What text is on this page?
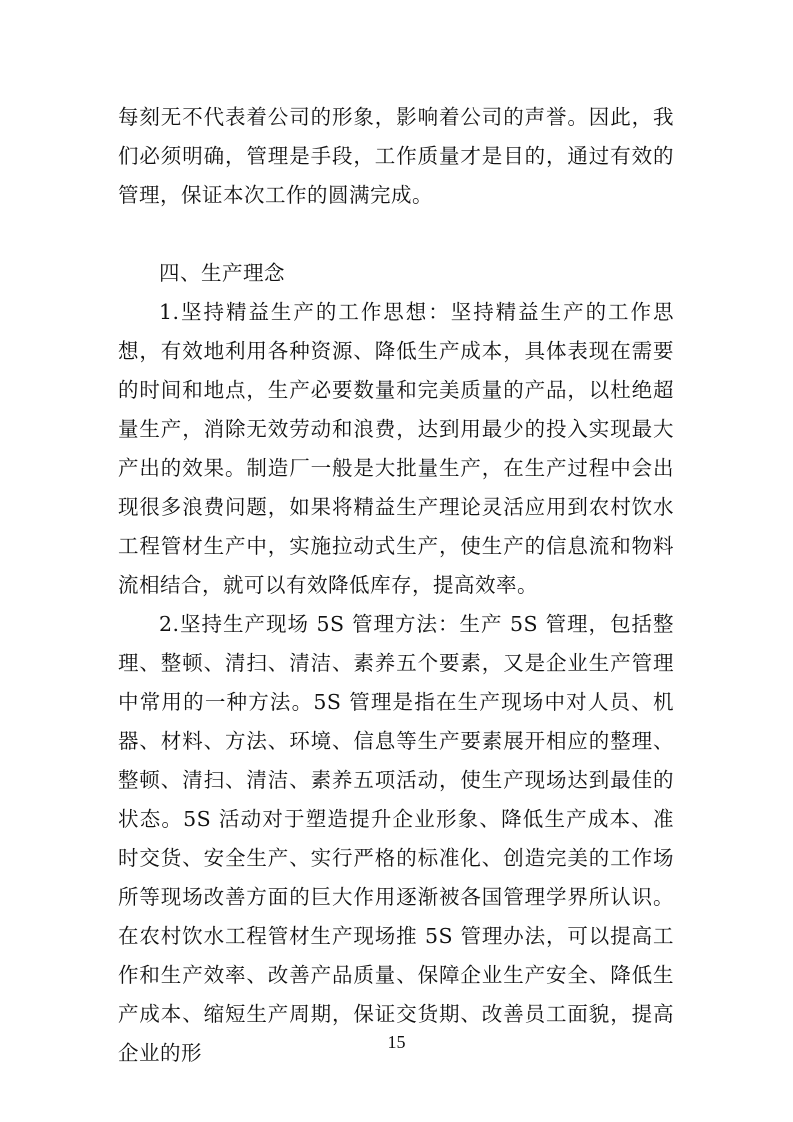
每刻无不代表着公司的形象，影响着公司的声誉。因此，我们必须明确，管理是手段，工作质量才是目的，通过有效的管理，保证本次工作的圆满完成。

四、生产理念

1.坚持精益生产的工作思想：坚持精益生产的工作思想，有效地利用各种资源、降低生产成本，具体表现在需要的时间和地点，生产必要数量和完美质量的产品，以杜绝超量生产，消除无效劳动和浪费，达到用最少的投入实现最大产出的效果。制造厂一般是大批量生产，在生产过程中会出现很多浪费问题，如果将精益生产理论灵活应用到农村饮水工程管材生产中，实施拉动式生产，使生产的信息流和物料流相结合，就可以有效降低库存，提高效率。

2.坚持生产现场 5S 管理方法：生产 5S 管理，包括整理、整顿、清扫、清洁、素养五个要素，又是企业生产管理中常用的一种方法。5S 管理是指在生产现场中对人员、机器、材料、方法、环境、信息等生产要素展开相应的整理、整顿、清扫、清洁、素养五项活动，使生产现场达到最佳的状态。5S 活动对于塑造提升企业形象、降低生产成本、准时交货、安全生产、实行严格的标准化、创造完美的工作场所等现场改善方面的巨大作用逐渐被各国管理学界所认识。在农村饮水工程管材生产现场推 5S 管理办法，可以提高工作和生产效率、改善产品质量、保障企业生产安全、降低生产成本、缩短生产周期，保证交货期、改善员工面貌，提高企业的形	15
